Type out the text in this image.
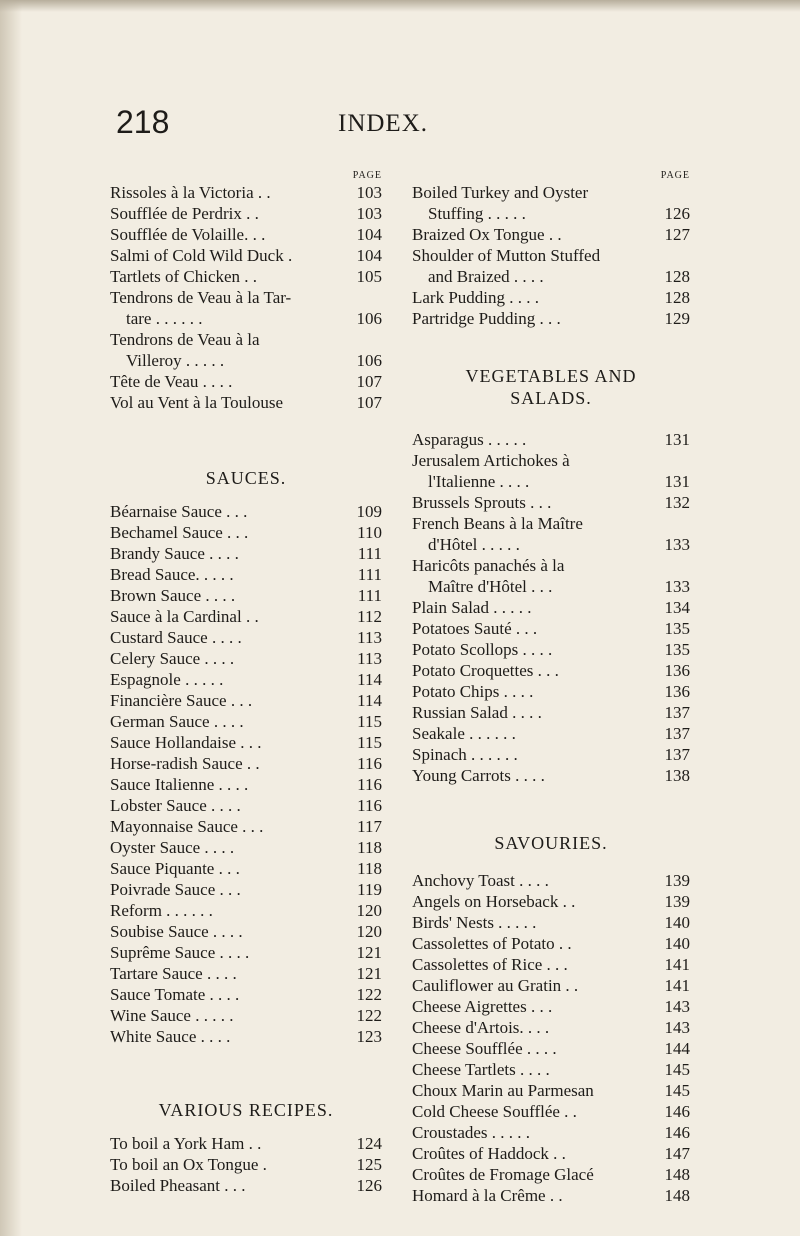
218	INDEX.
PAGE
Rissoles à la Victoria . .	103
Soufflée de Perdrix . .	103
Soufflée de Volaille. . .	104
Salmi of Cold Wild Duck .	104
Tartlets of Chicken . .	105
Tendrons de Veau à la Tar-
tare . . . . . .	106
Tendrons de Veau à la
Villeroy . . . . .	106
Tête de Veau . . . .	107
Vol au Vent à la Toulouse	107
SAUCES.
Béarnaise Sauce . . .	109
Bechamel Sauce . . .	110
Brandy Sauce . . . .	111
Bread Sauce. . . . .	111
Brown Sauce . . . .	111
Sauce à la Cardinal . .	112
Custard Sauce . . . .	113
Celery Sauce . . . .	113
Espagnole . . . . .	114
Financière Sauce . . .	114
German Sauce . . . .	115
Sauce Hollandaise . . .	115
Horse-radish Sauce . .	116
Sauce Italienne . . . .	116
Lobster Sauce . . . .	116
Mayonnaise Sauce . . .	117
Oyster Sauce . . . .	118
Sauce Piquante . . .	118
Poivrade Sauce . . .	119
Reform . . . . . .	120
Soubise Sauce . . . .	120
Suprême Sauce . . . .	121
Tartare Sauce . . . .	121
Sauce Tomate . . . .	122
Wine Sauce . . . . .	122
White Sauce . . . .	123
VARIOUS RECIPES.
To boil a York Ham . .	124
To boil an Ox Tongue .	125
Boiled Pheasant . . .	126
PAGE
Boiled Turkey and Oyster
Stuffing . . . . .	126
Braized Ox Tongue . .	127
Shoulder of Mutton Stuffed
and Braized . . . .	128
Lark Pudding . . . .	128
Partridge Pudding . . .	129
VEGETABLES AND
SALADS.
Asparagus . . . . .	131
Jerusalem Artichokes à
l'Italienne . . . .	131
Brussels Sprouts . . .	132
French Beans à la Maître
d'Hôtel . . . . .	133
Haricôts panachés à la
Maître d'Hôtel . . .	133
Plain Salad . . . . .	134
Potatoes Sauté . . .	135
Potato Scollops . . . .	135
Potato Croquettes . . .	136
Potato Chips . . . .	136
Russian Salad . . . .	137
Seakale . . . . . .	137
Spinach . . . . . .	137
Young Carrots . . . .	138
SAVOURIES.
Anchovy Toast . . . .	139
Angels on Horseback . .	139
Birds' Nests . . . . .	140
Cassolettes of Potato . .	140
Cassolettes of Rice . . .	141
Cauliflower au Gratin . .	141
Cheese Aigrettes . . .	143
Cheese d'Artois. . . .	143
Cheese Soufflée . . . .	144
Cheese Tartlets . . . .	145
Choux Marin au Parmesan	145
Cold Cheese Soufflée . .	146
Croustades . . . . .	146
Croûtes of Haddock . .	147
Croûtes de Fromage Glacé	148
Homard à la Crême . .	148
